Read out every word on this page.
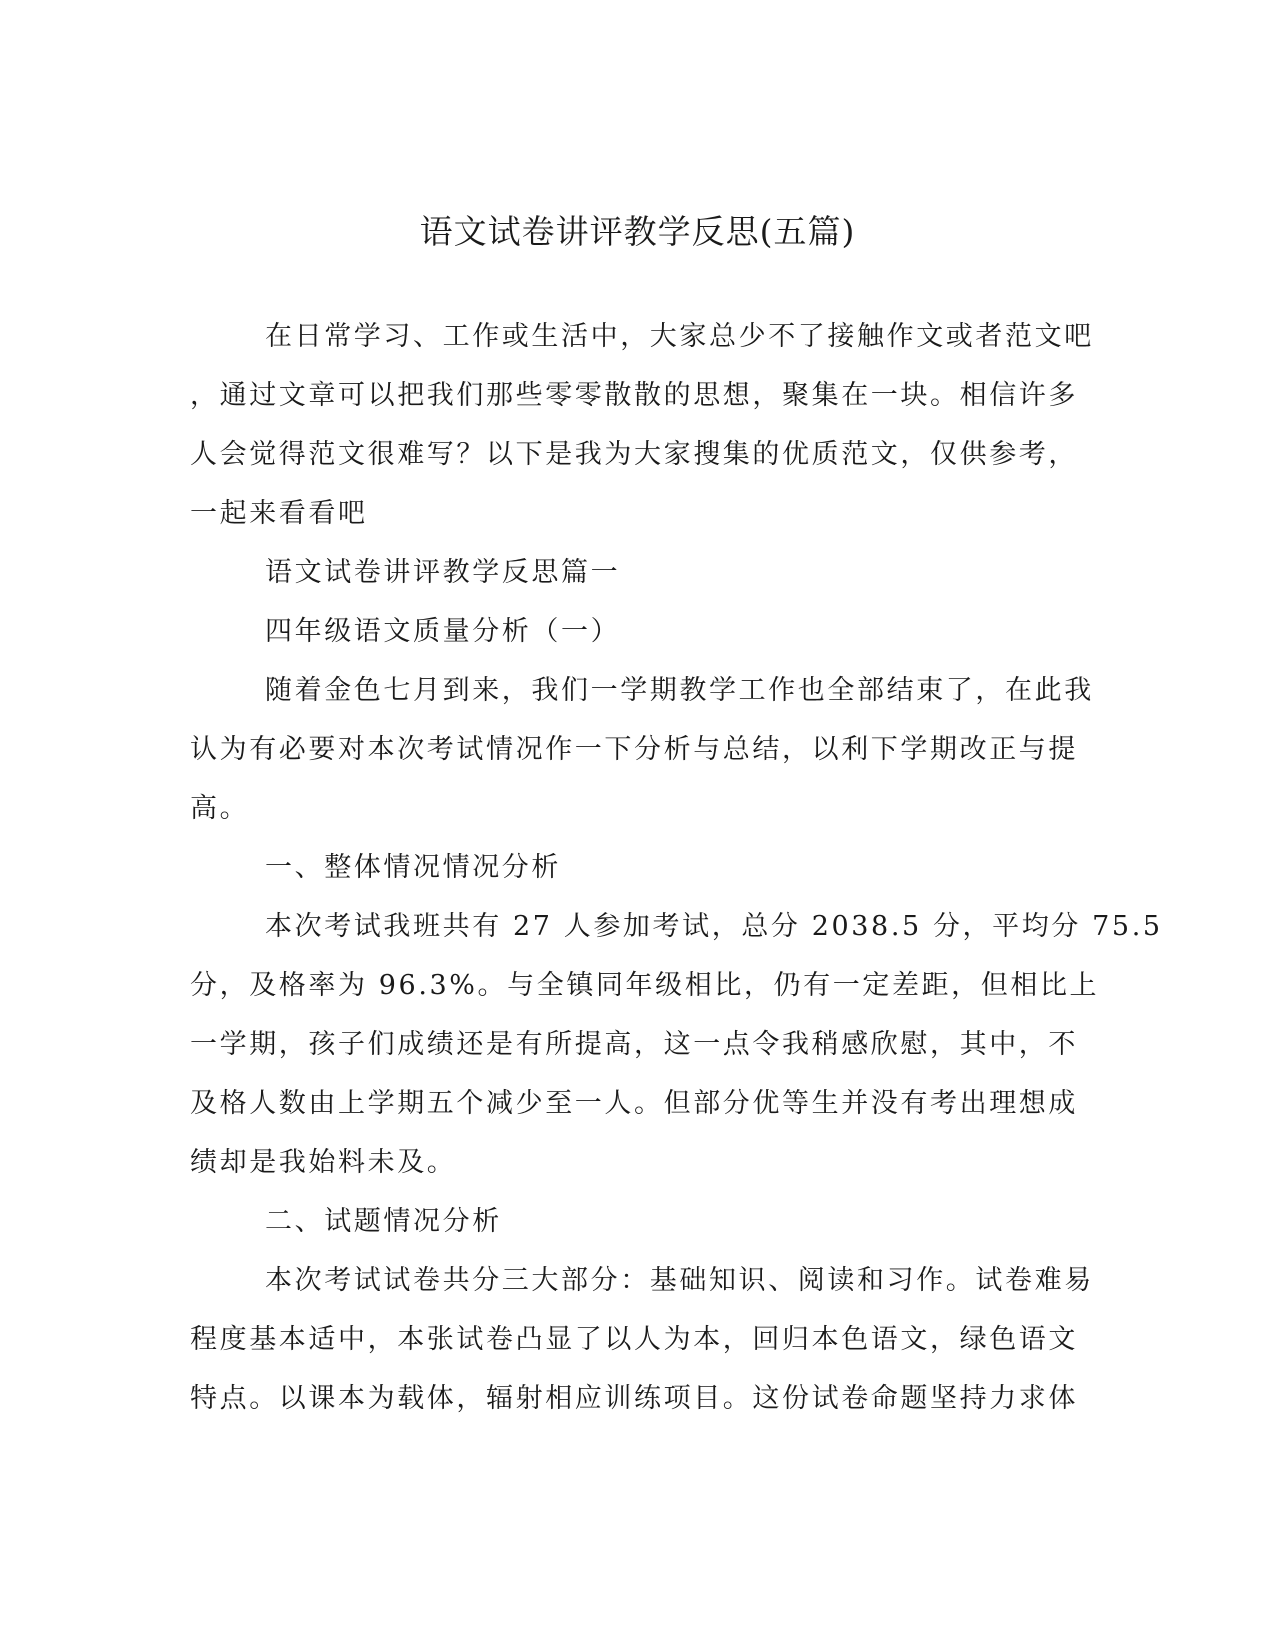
语文试卷讲评教学反思(五篇)
在日常学习、工作或生活中，大家总少不了接触作文或者范文吧
，通过文章可以把我们那些零零散散的思想，聚集在一块。相信许多
人会觉得范文很难写？以下是我为大家搜集的优质范文，仅供参考，
一起来看看吧
语文试卷讲评教学反思篇一
四年级语文质量分析（一）
随着金色七月到来，我们一学期教学工作也全部结束了，在此我
认为有必要对本次考试情况作一下分析与总结，以利下学期改正与提
高。
一、整体情况情况分析
本次考试我班共有 27 人参加考试，总分 2038.5 分，平均分 75.5
分，及格率为 96.3%。与全镇同年级相比，仍有一定差距，但相比上
一学期，孩子们成绩还是有所提高，这一点令我稍感欣慰，其中，不
及格人数由上学期五个减少至一人。但部分优等生并没有考出理想成
绩却是我始料未及。
二、试题情况分析
本次考试试卷共分三大部分：基础知识、阅读和习作。试卷难易
程度基本适中，本张试卷凸显了以人为本，回归本色语文，绿色语文
特点。以课本为载体，辐射相应训练项目。这份试卷命题坚持力求体
